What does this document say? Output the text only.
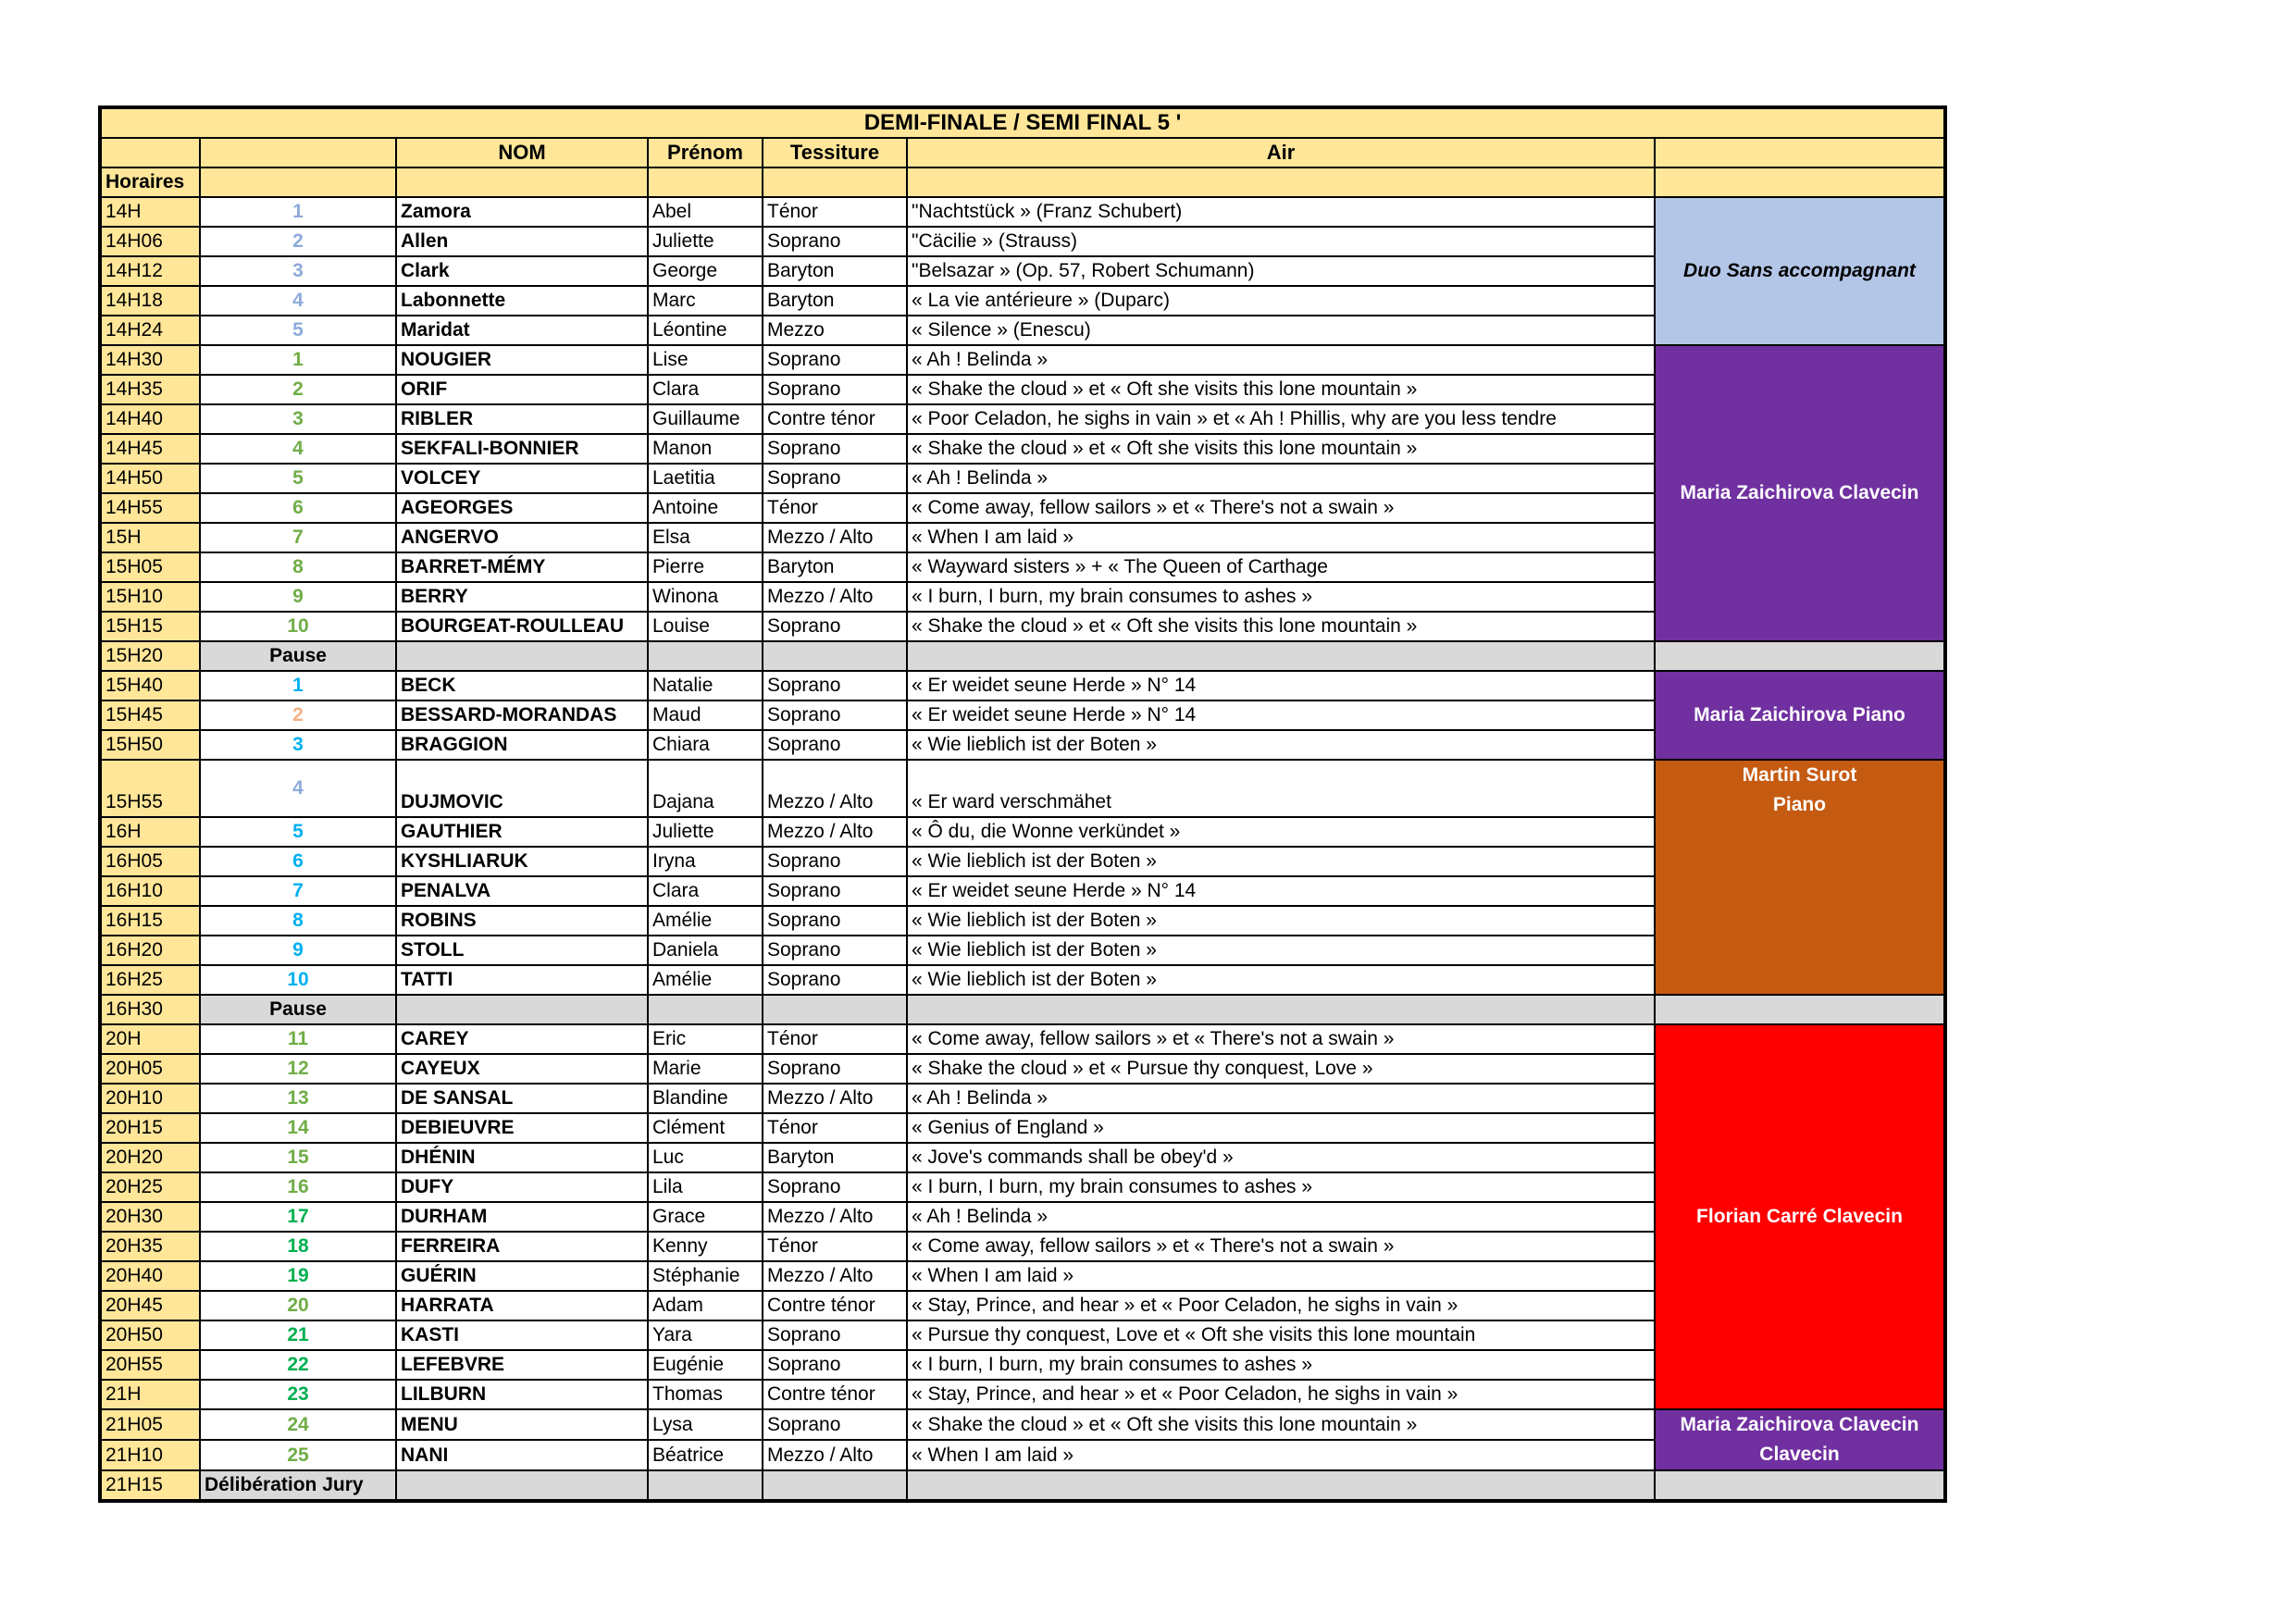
DEMI-FINALE / SEMI FINAL 5 '						
		NOM	Prénom	Tessiture	Air	
Horaires						
14H	1	Zamora	Abel	Ténor	"Nachtstück » (Franz Schubert)	Duo Sans accompagnant
14H06	2	Allen	Juliette	Soprano	"Cäcilie » (Strauss)	
14H12	3	Clark	George	Baryton	"Belsazar » (Op. 57, Robert Schumann)	
14H18	4	Labonnette	Marc	Baryton	« La vie antérieure » (Duparc)	
14H24	5	Maridat	Léontine	Mezzo	« Silence » (Enescu)	
14H30	1	NOUGIER	Lise	Soprano	« Ah ! Belinda »	Maria Zaichirova Clavecin
14H35	2	ORIF	Clara	Soprano	« Shake the cloud » et « Oft she visits this lone mountain »	
14H40	3	RIBLER	Guillaume	Contre ténor	« Poor Celadon, he sighs in vain » et « Ah ! Phillis, why are you less tendre	
14H45	4	SEKFALI-BONNIER	Manon	Soprano	« Shake the cloud » et « Oft she visits this lone mountain »	
14H50	5	VOLCEY	Laetitia	Soprano	« Ah ! Belinda »	
14H55	6	AGEORGES	Antoine	Ténor	« Come away, fellow sailors » et « There's not a swain »	
15H	7	ANGERVO	Elsa	Mezzo / Alto	« When I am laid »	
15H05	8	BARRET-MÉMY	Pierre	Baryton	« Wayward sisters » + « The Queen of Carthage	
15H10	9	BERRY	Winona	Mezzo / Alto	« I burn, I burn, my brain consumes to ashes »	
15H15	10	BOURGEAT-ROULLEAU	Louise	Soprano	« Shake the cloud » et « Oft she visits this lone mountain »	
15H20	Pause					
15H40	1	BECK	Natalie	Soprano	« Er weidet seune Herde » N° 14	Maria Zaichirova Piano
15H45	2	BESSARD-MORANDAS	Maud	Soprano	« Er weidet seune Herde » N° 14	
15H50	3	BRAGGION	Chiara	Soprano	« Wie lieblich ist der Boten »	
15H55	4	DUJMOVIC	Dajana	Mezzo / Alto	« Er ward verschmähet	Martin Surot
Piano
16H	5	GAUTHIER	Juliette	Mezzo / Alto	« Ô du, die Wonne verkündet »	
16H05	6	KYSHLIARUK	Iryna	Soprano	« Wie lieblich ist der Boten »	
16H10	7	PENALVA	Clara	Soprano	« Er weidet seune Herde » N° 14	
16H15	8	ROBINS	Amélie	Soprano	« Wie lieblich ist der Boten »	
16H20	9	STOLL	Daniela	Soprano	« Wie lieblich ist der Boten »	
16H25	10	TATTI	Amélie	Soprano	« Wie lieblich ist der Boten »	
16H30	Pause					
20H	11	CAREY	Eric	Ténor	« Come away, fellow sailors » et « There's not a swain »	Florian Carré Clavecin
20H05	12	CAYEUX	Marie	Soprano	« Shake the cloud » et « Pursue thy conquest, Love »	
20H10	13	DE SANSAL	Blandine	Mezzo / Alto	« Ah ! Belinda »	
20H15	14	DEBIEUVRE	Clément	Ténor	« Genius of England »	
20H20	15	DHÉNIN	Luc	Baryton	« Jove's commands shall be obey'd »	
20H25	16	DUFY	Lila	Soprano	« I burn, I burn, my brain consumes to ashes »	
20H30	17	DURHAM	Grace	Mezzo / Alto	« Ah ! Belinda »	
20H35	18	FERREIRA	Kenny	Ténor	« Come away, fellow sailors » et « There's not a swain »	
20H40	19	GUÉRIN	Stéphanie	Mezzo / Alto	« When I am laid »	
20H45	20	HARRATA	Adam	Contre ténor	« Stay, Prince, and hear » et « Poor Celadon, he sighs in vain »	
20H50	21	KASTI	Yara	Soprano	« Pursue thy conquest, Love et « Oft she visits this lone mountain	
20H55	22	LEFEBVRE	Eugénie	Soprano	« I burn, I burn, my brain consumes to ashes »	
21H	23	LILBURN	Thomas	Contre ténor	« Stay, Prince, and hear » et « Poor Celadon, he sighs in vain »	
21H05	24	MENU	Lysa	Soprano	« Shake the cloud » et « Oft she visits this lone mountain »	Maria Zaichirova Clavecin Clavecin
21H10	25	NANI	Béatrice	Mezzo / Alto	« When I am laid »	
21H15	Délibération Jury					
